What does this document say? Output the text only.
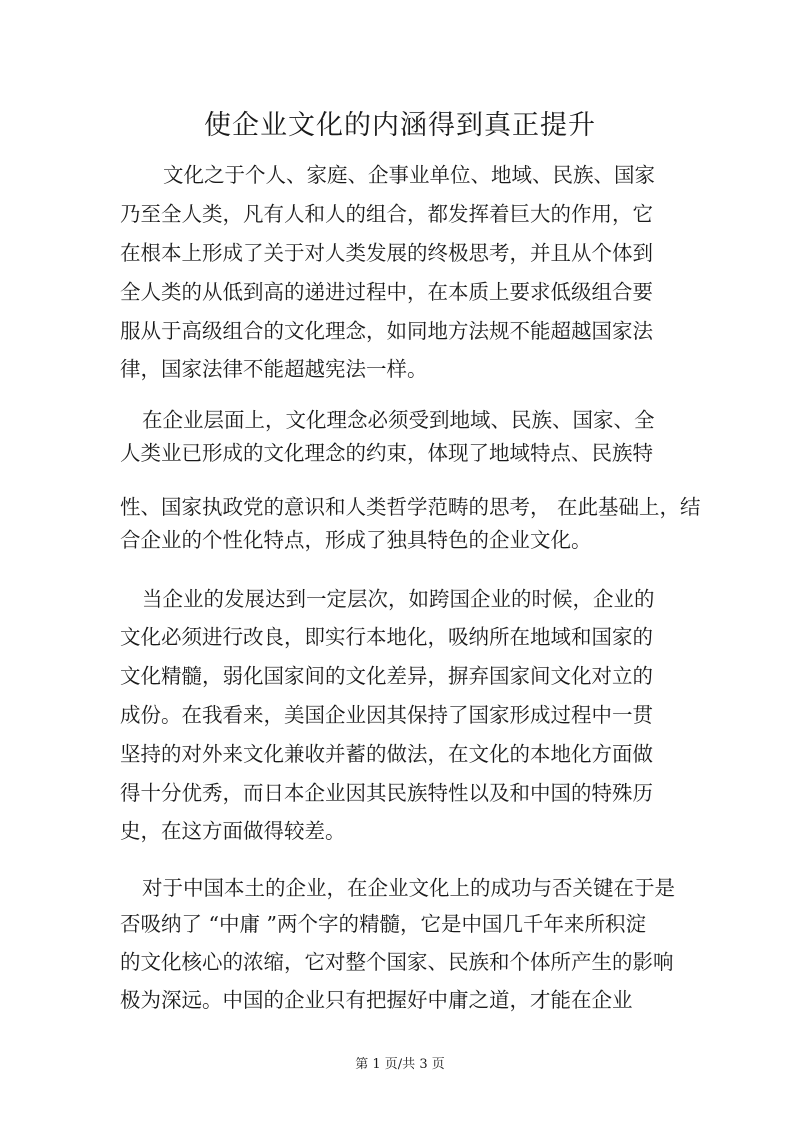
使企业文化的内涵得到真正提升
文化之于个人、家庭、企事业单位、地域、民族、国家
乃至全人类，凡有人和人的组合，都发挥着巨大的作用，它
在根本上形成了关于对人类发展的终极思考，并且从个体到
全人类的从低到高的递进过程中，在本质上要求低级组合要
服从于高级组合的文化理念，如同地方法规不能超越国家法
律，国家法律不能超越宪法一样。
在企业层面上，文化理念必须受到地域、民族、国家、全
人类业已形成的文化理念的约束，体现了地域特点、民族特
性、国家执政党的意识和人类哲学范畴的思考， 在此基础上，结
合企业的个性化特点，形成了独具特色的企业文化。
当企业的发展达到一定层次，如跨国企业的时候，企业的
文化必须进行改良，即实行本地化，吸纳所在地域和国家的
文化精髓，弱化国家间的文化差异，摒弃国家间文化对立的
成份。在我看来，美国企业因其保持了国家形成过程中一贯
坚持的对外来文化兼收并蓄的做法，在文化的本地化方面做
得十分优秀，而日本企业因其民族特性以及和中国的特殊历
史，在这方面做得较差。
对于中国本土的企业，在企业文化上的成功与否关键在于是
否吸纳了 “中庸 ”两个字的精髓，它是中国几千年来所积淀
的文化核心的浓缩，它对整个国家、民族和个体所产生的影响
极为深远。中国的企业只有把握好中庸之道，才能在企业
第 1 页/共 3 页
